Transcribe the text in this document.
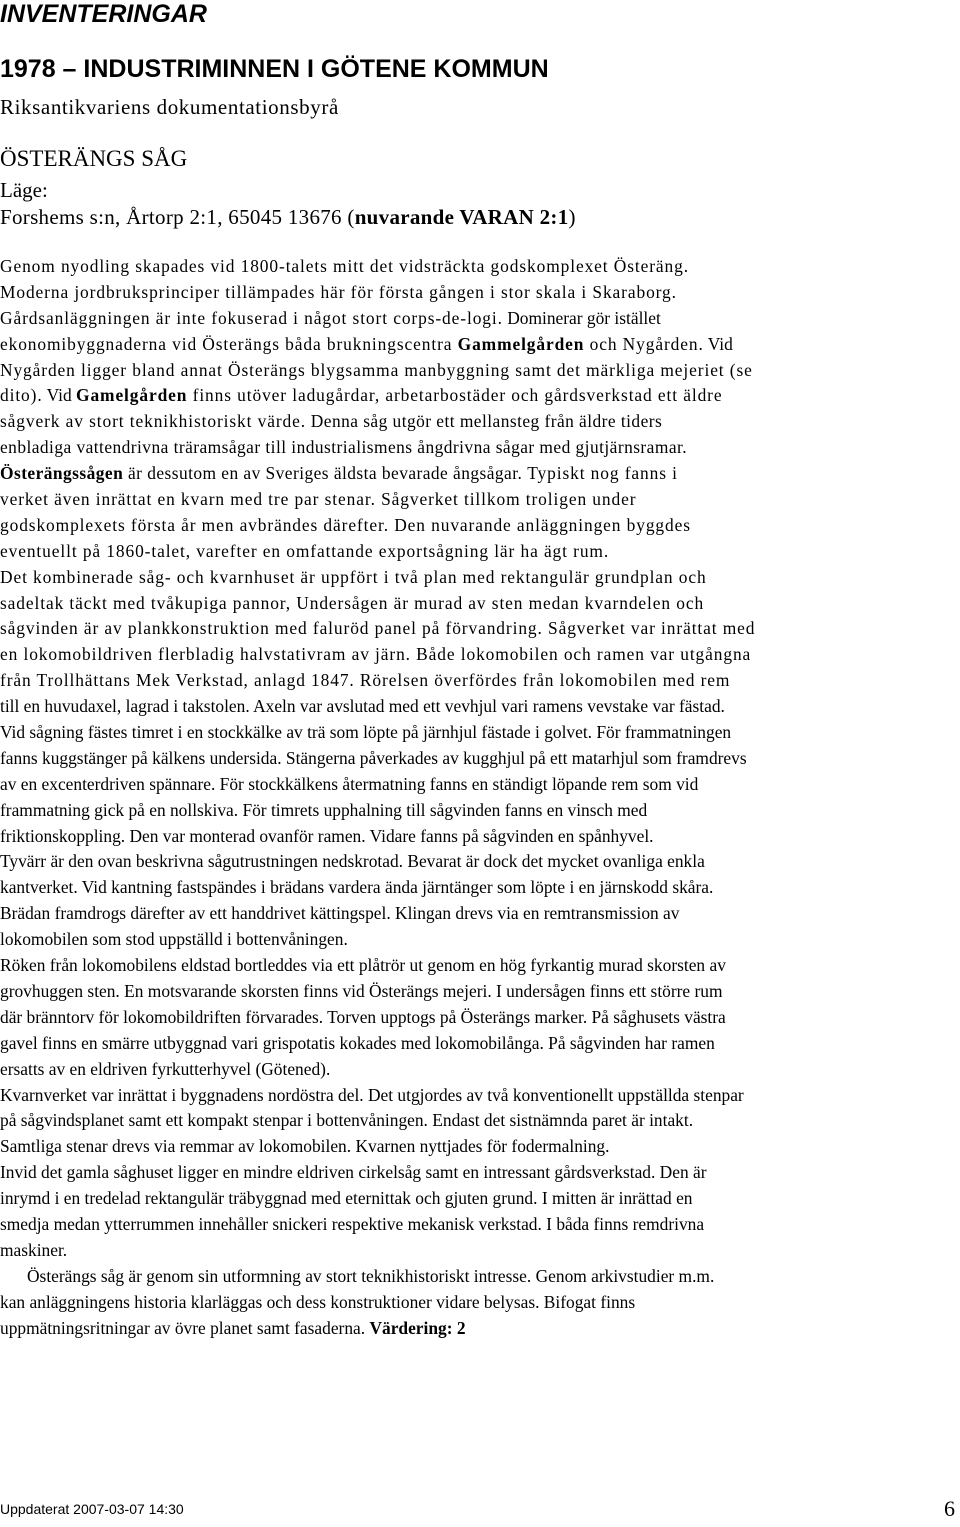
INVENTERINGAR
1978 – INDUSTRIMINNEN I GÖTENE KOMMUN
Riksantikvariens dokumentationsbyrå
ÖSTERÄNGS SÅG
Läge:
Forshems s:n, Årtorp 2:1, 65045 13676 (nuvarande VARAN 2:1)
Genom nyodling skapades vid 1800-talets mitt det vidsträckta godskomplexet Österäng.
Moderna jordbruksprinciper tillämpades här för första gången i stor skala i Skaraborg.
Gårdsanläggningen är inte fokuserad i något stort corps-de-logi. Dominerar gör istället
ekonomibyggnaderna vid Österängs båda brukningscentra Gammelgården och Nygården. Vid
Nygården ligger bland annat Österängs blygsamma manbyggning samt det märkliga mejeriet (se
dito). Vid Gamelgården finns utöver ladugårdar, arbetarbostäder och gårdsverkstad ett äldre
sågverk av stort teknikhistoriskt värde. Denna såg utgör ett mellansteg från äldre tiders
enbladiga vattendrivna träramsågar till industrialismens ångdrivna sågar med gjutjärnsramar.
Österängssågen är dessutom en av Sveriges äldsta bevarade ångsågar. Typiskt nog fanns i
verket även inrättat en kvarn med tre par stenar. Sågverket tillkom troligen under
godskomplexets första år men avbrändes därefter. Den nuvarande anläggningen byggdes
eventuellt på 1860-talet, varefter en omfattande exportsågning lär ha ägt rum.
Det kombinerade såg- och kvarnhuset är uppfört i två plan med rektangulär grundplan och
sadeltak täckt med tvåkupiga pannor, Undersågen är murad av sten medan kvarndelen och
sågvinden är av plankkonstruktion med faluröd panel på förvandring. Sågverket var inrättat med
en lokomobildriven flerbladig halvstativram av järn. Både lokomobilen och ramen var utgångna
från Trollhättans Mek Verkstad, anlagd 1847. Rörelsen överfördes från lokomobilen med rem
till en huvudaxel, lagrad i takstolen. Axeln var avslutad med ett vevhjul vari ramens vevstake var fästad.
Vid sågning fästes timret i en stockkälke av trä som löpte på järnhjul fästade i golvet. För frammatningen
fanns kuggstänger på kälkens undersida. Stängerna påverkades av kugghjul på ett matarhjul som framdrevs
av en excenterdriven spännare. För stockkälkens återmatning fanns en ständigt löpande rem som vid
frammatning gick på en nollskiva. För timrets upphalning till sågvinden fanns en vinsch med
friktionskoppling. Den var monterad ovanför ramen. Vidare fanns på sågvinden en spånhyvel.
Tyvärr är den ovan beskrivna sågutrustningen nedskrotad. Bevarat är dock det mycket ovanliga enkla
kantverket. Vid kantning fastspändes i brädans vardera ända järntänger som löpte i en järnskodd skåra.
Brädan framdrogs därefter av ett handdrivet kättingspel. Klingan drevs via en remtransmission av
lokomobilen som stod uppställd i bottenvåningen.
Röken från lokomobilens eldstad bortleddes via ett plåtrör ut genom en hög fyrkantig murad skorsten av
grovhuggen sten. En motsvarande skorsten finns vid Österängs mejeri. I undersågen finns ett större rum
där bränntorv för lokomobildriften förvarades. Torven upptogs på Österängs marker. På såghusets västra
gavel finns en smärre utbyggnad vari grispotatis kokades med lokomobilånga. På sågvinden har ramen
ersatts av en eldriven fyrkutterhyvel (Götened).
Kvarnverket var inrättat i byggnadens nordöstra del. Det utgjordes av två konventionellt uppställda stenpar
på sågvindsplanet samt ett kompakt stenpar i bottenvåningen. Endast det sistnämnda paret är intakt.
Samtliga stenar drevs via remmar av lokomobilen. Kvarnen nyttjades för fodermalning.
Invid det gamla såghuset ligger en mindre eldriven cirkelsåg samt en intressant gårdsverkstad. Den är
inrymd i en tredelad rektangulär träbyggnad med eternittak och gjuten grund. I mitten är inrättad en
smedja medan ytterrummen innehåller snickeri respektive mekanisk verkstad. I båda finns remdrivna
maskiner.
Österängs såg är genom sin utformning av stort teknikhistoriskt intresse. Genom arkivstudier m.m.
kan anläggningens historia klarläggas och dess konstruktioner vidare belysas. Bifogat finns
uppmätningsritningar av övre planet samt fasaderna. Värdering: 2
Uppdaterat 2007-03-07 14:30	6
